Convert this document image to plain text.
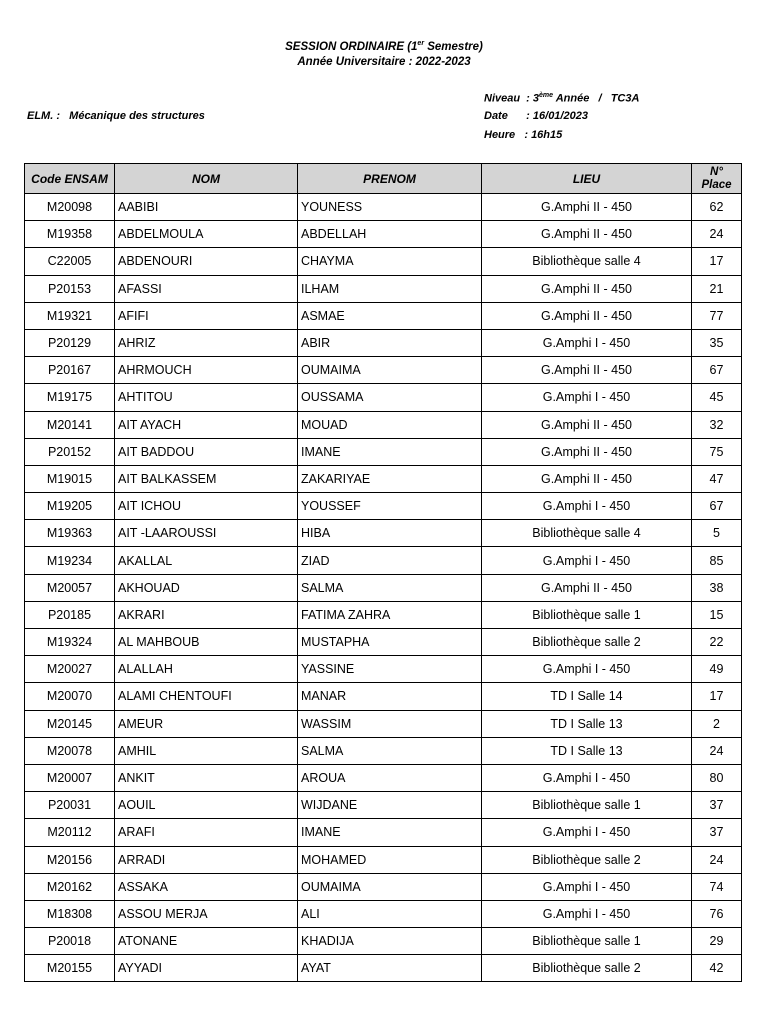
SESSION ORDINAIRE (1er Semestre)
Année Universitaire : 2022-2023
Niveau  : 3ème Année   /   TC3A
ELM. :   Mécanique des structures	Date      : 16/01/2023
Heure   : 16h15
Code ENSAM	NOM	PRENOM	LIEU	N°
Place
M20098	AABIBI	YOUNESS	G.Amphi II - 450	62
M19358	ABDELMOULA	ABDELLAH	G.Amphi II - 450	24
C22005	ABDENOURI	CHAYMA	Bibliothèque salle 4	17
P20153	AFASSI	ILHAM	G.Amphi II - 450	21
M19321	AFIFI	ASMAE	G.Amphi II - 450	77
P20129	AHRIZ	ABIR	G.Amphi I - 450	35
P20167	AHRMOUCH	OUMAIMA	G.Amphi II - 450	67
M19175	AHTITOU	OUSSAMA	G.Amphi I - 450	45
M20141	AIT AYACH	MOUAD	G.Amphi II - 450	32
P20152	AIT BADDOU	IMANE	G.Amphi II - 450	75
M19015	AIT BALKASSEM	ZAKARIYAE	G.Amphi II - 450	47
M19205	AIT ICHOU	YOUSSEF	G.Amphi I - 450	67
M19363	AIT -LAAROUSSI	HIBA	Bibliothèque salle 4	5
M19234	AKALLAL	ZIAD	G.Amphi I - 450	85
M20057	AKHOUAD	SALMA	G.Amphi II - 450	38
P20185	AKRARI	FATIMA ZAHRA	Bibliothèque salle 1	15
M19324	AL MAHBOUB	MUSTAPHA	Bibliothèque salle 2	22
M20027	ALALLAH	YASSINE	G.Amphi I - 450	49
M20070	ALAMI CHENTOUFI	MANAR	TD I Salle 14	17
M20145	AMEUR	WASSIM	TD I Salle 13	2
M20078	AMHIL	SALMA	TD I Salle 13	24
M20007	ANKIT	AROUA	G.Amphi I - 450	80
P20031	AOUIL	WIJDANE	Bibliothèque salle 1	37
M20112	ARAFI	IMANE	G.Amphi I - 450	37
M20156	ARRADI	MOHAMED	Bibliothèque salle 2	24
M20162	ASSAKA	OUMAIMA	G.Amphi I - 450	74
M18308	ASSOU MERJA	ALI	G.Amphi I - 450	76
P20018	ATONANE	KHADIJA	Bibliothèque salle 1	29
M20155	AYYADI	AYAT	Bibliothèque salle 2	42
